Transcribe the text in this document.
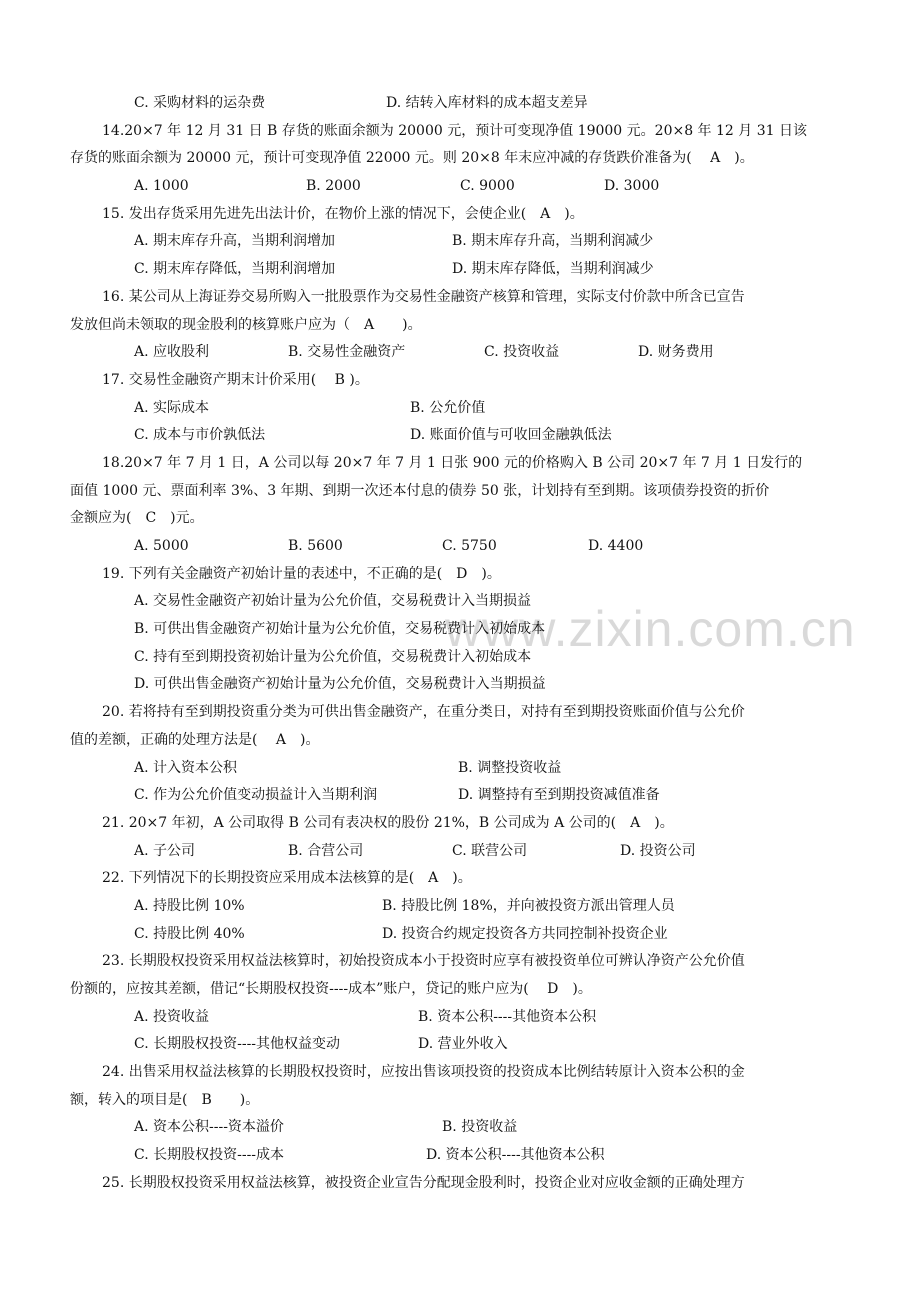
www.zixin.com.cn
C. 采购材料的运杂费	D. 结转入库材料的成本超支差异
14.20×7 年 12 月 31 日 B 存货的账面余额为 20000 元，预计可变现净值 19000 元。20×8 年 12 月 31 日该
存货的账面余额为 20000 元，预计可变现净值 22000 元。则 20×8 年末应冲减的存货跌价准备为(　 A　)。
A. 1000	B. 2000	C. 9000	D. 3000
15. 发出存货采用先进先出法计价，在物价上涨的情况下，会使企业(　A　)。
A. 期末库存升高，当期利润增加	B. 期末库存升高，当期利润减少
C. 期末库存降低，当期利润增加	D. 期末库存降低，当期利润减少
16. 某公司从上海证券交易所购入一批股票作为交易性金融资产核算和管理，实际支付价款中所含已宣告
发放但尚未领取的现金股利的核算账户应为（　A　　)。
A. 应收股利	B. 交易性金融资产	C. 投资收益	D. 财务费用
17. 交易性金融资产期末计价采用(　 B )。
A. 实际成本	B. 公允价值
C. 成本与市价孰低法	D. 账面价值与可收回金融孰低法
18.20×7 年 7 月 1 日，A 公司以每 20×7 年 7 月 1 日张 900 元的价格购入 B 公司 20×7 年 7 月 1 日发行的
面值 1000 元、票面利率 3%、3 年期、到期一次还本付息的债券 50 张，计划持有至到期。该项债券投资的折价
金额应为(　C　)元。
A. 5000	B. 5600	C. 5750	D. 4400
19. 下列有关金融资产初始计量的表述中，不正确的是(　D　)。
A. 交易性金融资产初始计量为公允价值，交易税费计入当期损益
B. 可供出售金融资产初始计量为公允价值，交易税费计入初始成本
C. 持有至到期投资初始计量为公允价值，交易税费计入初始成本
D. 可供出售金融资产初始计量为公允价值，交易税费计入当期损益
20. 若将持有至到期投资重分类为可供出售金融资产，在重分类日，对持有至到期投资账面价值与公允价
值的差额，正确的处理方法是(　 A　)。
A. 计入资本公积	B. 调整投资收益
C. 作为公允价值变动损益计入当期利润	D. 调整持有至到期投资减值准备
21. 20×7 年初，A 公司取得 B 公司有表决权的股份 21%，B 公司成为 A 公司的(　A　)。
A. 子公司	B. 合营公司	C. 联营公司	D. 投资公司
22. 下列情况下的长期投资应采用成本法核算的是(　A　)。
A. 持股比例 10%	B. 持股比例 18%，并向被投资方派出管理人员
C. 持股比例 40%	D. 投资合约规定投资各方共同控制补投资企业
23. 长期股权投资采用权益法核算时，初始投资成本小于投资时应享有被投资单位可辨认净资产公允价值
份额的，应按其差额，借记“长期股权投资----成本”账户，贷记的账户应为(　 D　)。
A. 投资收益	B. 资本公积----其他资本公积
C. 长期股权投资----其他权益变动	D. 营业外收入
24. 出售采用权益法核算的长期股权投资时，应按出售该项投资的投资成本比例结转原计入资本公积的金
额，转入的项目是(　B　　)。
A. 资本公积----资本溢价	B. 投资收益
C. 长期股权投资----成本	D. 资本公积----其他资本公积
25. 长期股权投资采用权益法核算，被投资企业宣告分配现金股利时，投资企业对应收金额的正确处理方
